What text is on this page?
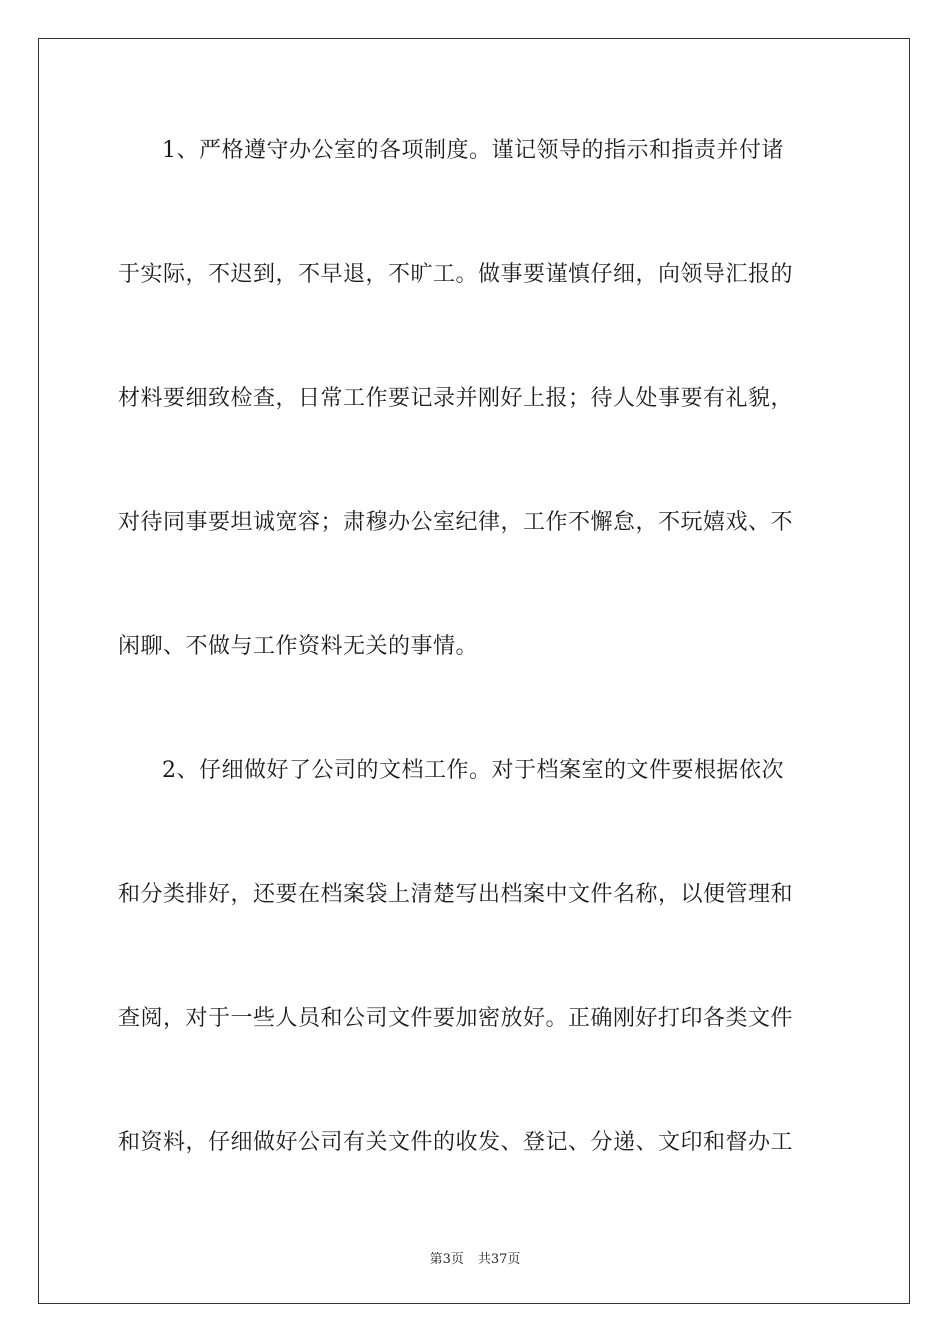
1、严格遵守办公室的各项制度。谨记领导的指示和指责并付诸
于实际，不迟到，不早退，不旷工。做事要谨慎仔细，向领导汇报的
材料要细致检查，日常工作要记录并刚好上报；待人处事要有礼貌，
对待同事要坦诚宽容；肃穆办公室纪律，工作不懈怠，不玩嬉戏、不
闲聊、不做与工作资料无关的事情。
2、仔细做好了公司的文档工作。对于档案室的文件要根据依次
和分类排好，还要在档案袋上清楚写出档案中文件名称，以便管理和
查阅，对于一些人员和公司文件要加密放好。正确刚好打印各类文件
和资料，仔细做好公司有关文件的收发、登记、分递、文印和督办工
第3页 共37页
